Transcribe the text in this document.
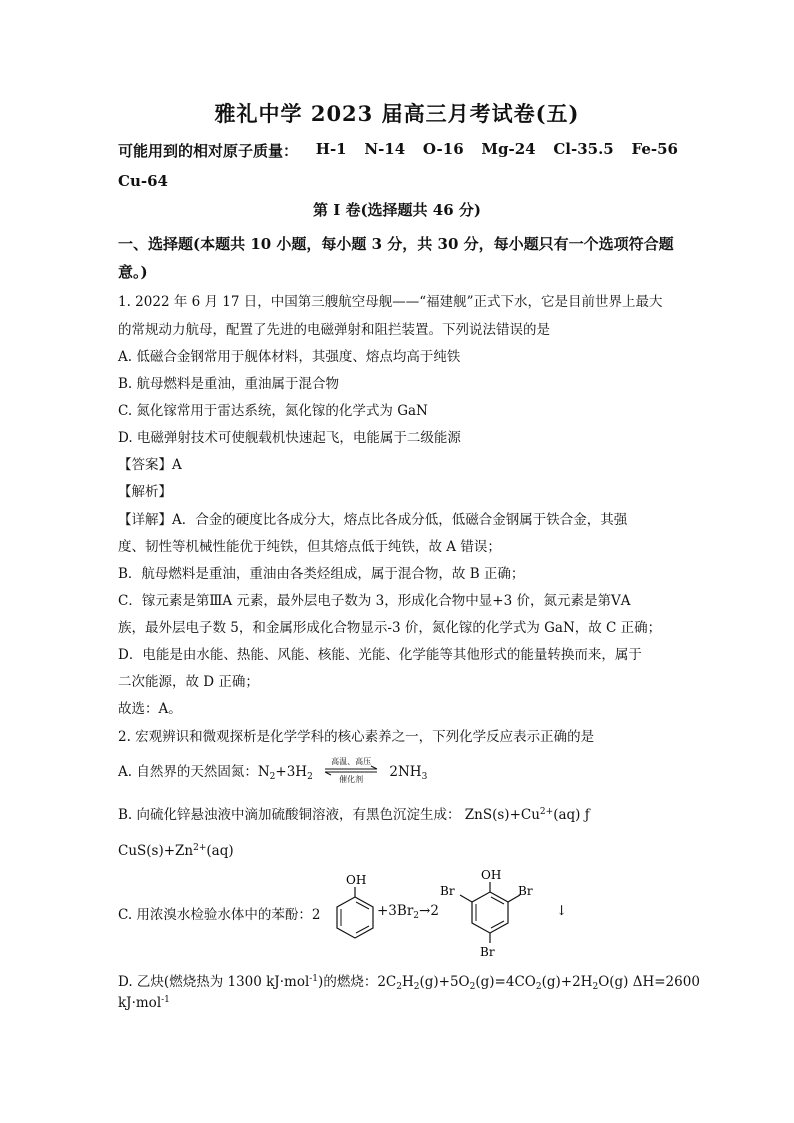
雅礼中学 2023 届高三月考试卷(五)
可能用到的相对原子质量： H-1 N-14 O-16 Mg-24 Cl-35.5 Fe-56
Cu-64
第 I 卷(选择题共 46 分)
一、选择题(本题共 10 小题，每小题 3 分，共 30 分，每小题只有一个选项符合题意。)
1. 2022 年 6 月 17 日，中国第三艘航空母舰——“福建舰”正式下水，它是目前世界上最大
的常规动力航母，配置了先进的电磁弹射和阻拦装置。下列说法错误的是
A. 低磁合金钢常用于舰体材料，其强度、熔点均高于纯铁
B. 航母燃料是重油，重油属于混合物
C. 氮化镓常用于雷达系统，氮化镓的化学式为 GaN
D. 电磁弹射技术可使舰载机快速起飞，电能属于二级能源
【答案】A
【解析】
【详解】A．合金的硬度比各成分大，熔点比各成分低，低磁合金钢属于铁合金，其强
度、韧性等机械性能优于纯铁，但其熔点低于纯铁，故 A 错误；
B．航母燃料是重油，重油由各类烃组成，属于混合物，故 B 正确；
C．镓元素是第ⅢA 元素，最外层电子数为 3，形成化合物中显+3 价，氮元素是第ⅤA
族，最外层电子数 5，和金属形成化合物显示-3 价，氮化镓的化学式为 GaN，故 C 正确；
D．电能是由水能、热能、风能、核能、光能、化学能等其他形式的能量转换而来，属于
二次能源，故 D 正确；
故选：A。
2. 宏观辨识和微观探析是化学学科的核心素养之一，下列化学反应表示正确的是
A. 自然界的天然固氮：$N_2+3H_2$
高温、高压
催化剂	$2NH_3$
B. 向硫化锌悬浊液中滴加硫酸铜溶液，有黑色沉淀生成： $ZnS(s)+Cu^{2+}(aq)$ ƒ
$CuS(s)+Zn^{2+}(aq)$
C. 用浓溴水检验水体中的苯酚：2
OH
$+3Br_2\to 2$
OH
Br	Br
Br
↓
D. 乙炔(燃烧热为 1300 kJ·mol$^{-1}$)的燃烧：$2C_2H_2(g)+5O_2(g)=4CO_2(g)+2H_2O(g)$ ΔH=2600
kJ·mol$^{-1}$
